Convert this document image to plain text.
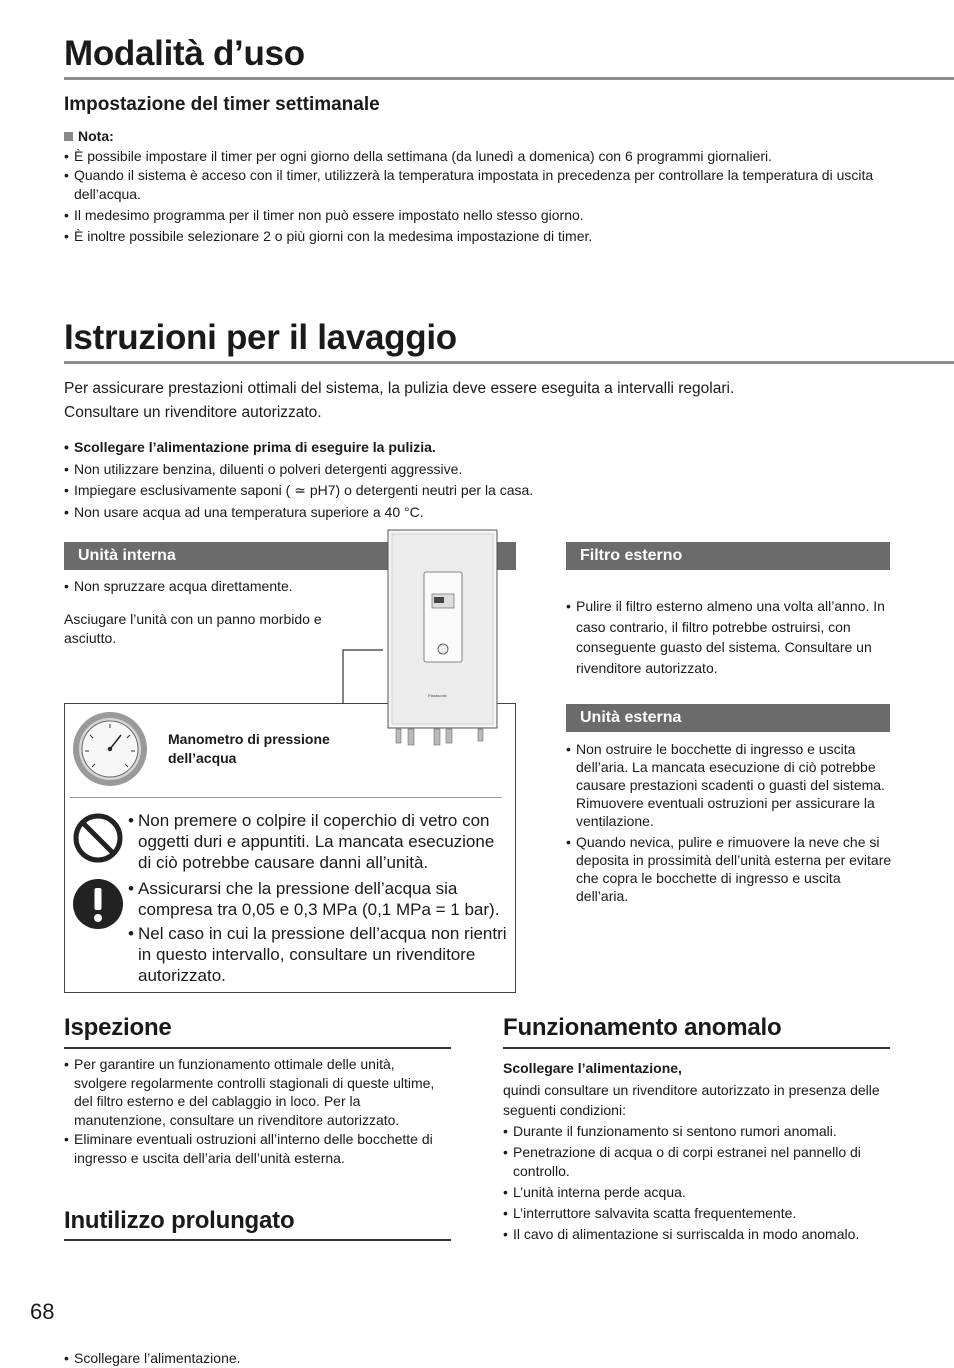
Modalità d’uso
Impostazione del timer settimanale
Nota:
• È possibile impostare il timer per ogni giorno della settimana (da lunedì a domenica) con 6 programmi giornalieri.
• Quando il sistema è acceso con il timer, utilizzerà la temperatura impostata in precedenza per controllare la temperatura di uscita dell’acqua.
• Il medesimo programma per il timer non può essere impostato nello stesso giorno.
• È inoltre possibile selezionare 2 o più giorni con la medesima impostazione di timer.
Istruzioni per il lavaggio
Per assicurare prestazioni ottimali del sistema, la pulizia deve essere eseguita a intervalli regolari.
Consultare un rivenditore autorizzato.
• Scollegare l’alimentazione prima di eseguire la pulizia.
• Non utilizzare benzina, diluenti o polveri detergenti aggressive.
• Impiegare esclusivamente saponi ( ≃ pH7) o detergenti neutri per la casa.
• Non usare acqua ad una temperatura superiore a 40 °C.
Unità interna
• Non spruzzare acqua direttamente.
Asciugare l’unità con un panno morbido e asciutto.
Panasonic
Manometro di pressione dell’acqua
• Non premere o colpire il coperchio di vetro con oggetti duri e appuntiti. La mancata esecuzione di ciò potrebbe causare danni all’unità.
• Assicurarsi che la pressione dell’acqua sia compresa tra 0,05 e 0,3 MPa (0,1 MPa = 1 bar).
• Nel caso in cui la pressione dell’acqua non rientri in questo intervallo, consultare un rivenditore autorizzato.
Filtro esterno
• Pulire il filtro esterno almeno una volta all’anno. In caso contrario, il filtro potrebbe ostruirsi, con conseguente guasto del sistema. Consultare un rivenditore autorizzato.
Unità esterna
• Non ostruire le bocchette di ingresso e uscita dell’aria. La mancata esecuzione di ciò potrebbe causare prestazioni scadenti o guasti del sistema. Rimuovere eventuali ostruzioni per assicurare la ventilazione.
• Quando nevica, pulire e rimuovere la neve che si deposita in prossimità dell’unità esterna per evitare che copra le bocchette di ingresso e uscita dell’aria.
Ispezione
• Per garantire un funzionamento ottimale delle unità, svolgere regolarmente controlli stagionali di queste ultime, del filtro esterno e del cablaggio in loco. Per la manutenzione, consultare un rivenditore autorizzato.
• Eliminare eventuali ostruzioni all’interno delle bocchette di ingresso e uscita dell’aria dell’unità esterna.
Inutilizzo prolungato
• Scollegare l’alimentazione.
Funzionamento anomalo
Scollegare l’alimentazione,
quindi consultare un rivenditore autorizzato in presenza delle seguenti condizioni:
• Durante il funzionamento si sentono rumori anomali.
• Penetrazione di acqua o di corpi estranei nel pannello di controllo.
• L’unità interna perde acqua.
• L’interruttore salvavita scatta frequentemente.
• Il cavo di alimentazione si surriscalda in modo anomalo.
68
